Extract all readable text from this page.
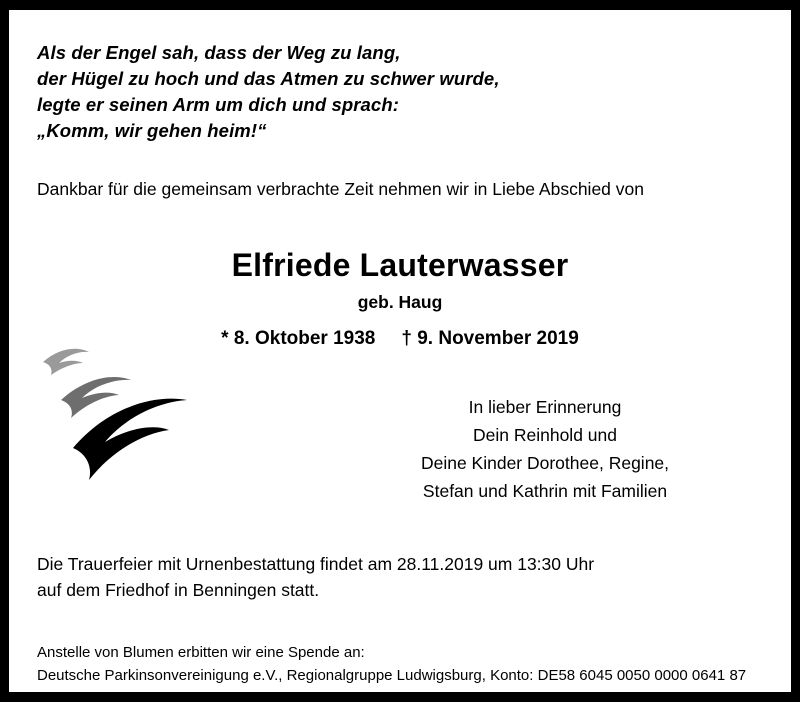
Als der Engel sah, dass der Weg zu lang,
der Hügel zu hoch und das Atmen zu schwer wurde,
legte er seinen Arm um dich und sprach:
„Komm, wir gehen heim!“
Dankbar für die gemeinsam verbrachte Zeit nehmen wir in Liebe Abschied von
Elfriede Lauterwasser
geb. Haug
* 8. Oktober 1938 † 9. November 2019
In lieber Erinnerung
Dein Reinhold und
Deine Kinder Dorothee, Regine,
Stefan und Kathrin mit Familien
Die Trauerfeier mit Urnenbestattung findet am 28.11.2019 um 13:30 Uhr
auf dem Friedhof in Benningen statt.
Anstelle von Blumen erbitten wir eine Spende an:
Deutsche Parkinsonvereinigung e.V., Regionalgruppe Ludwigsburg, Konto: DE58 6045 0050 0000 0641 87
